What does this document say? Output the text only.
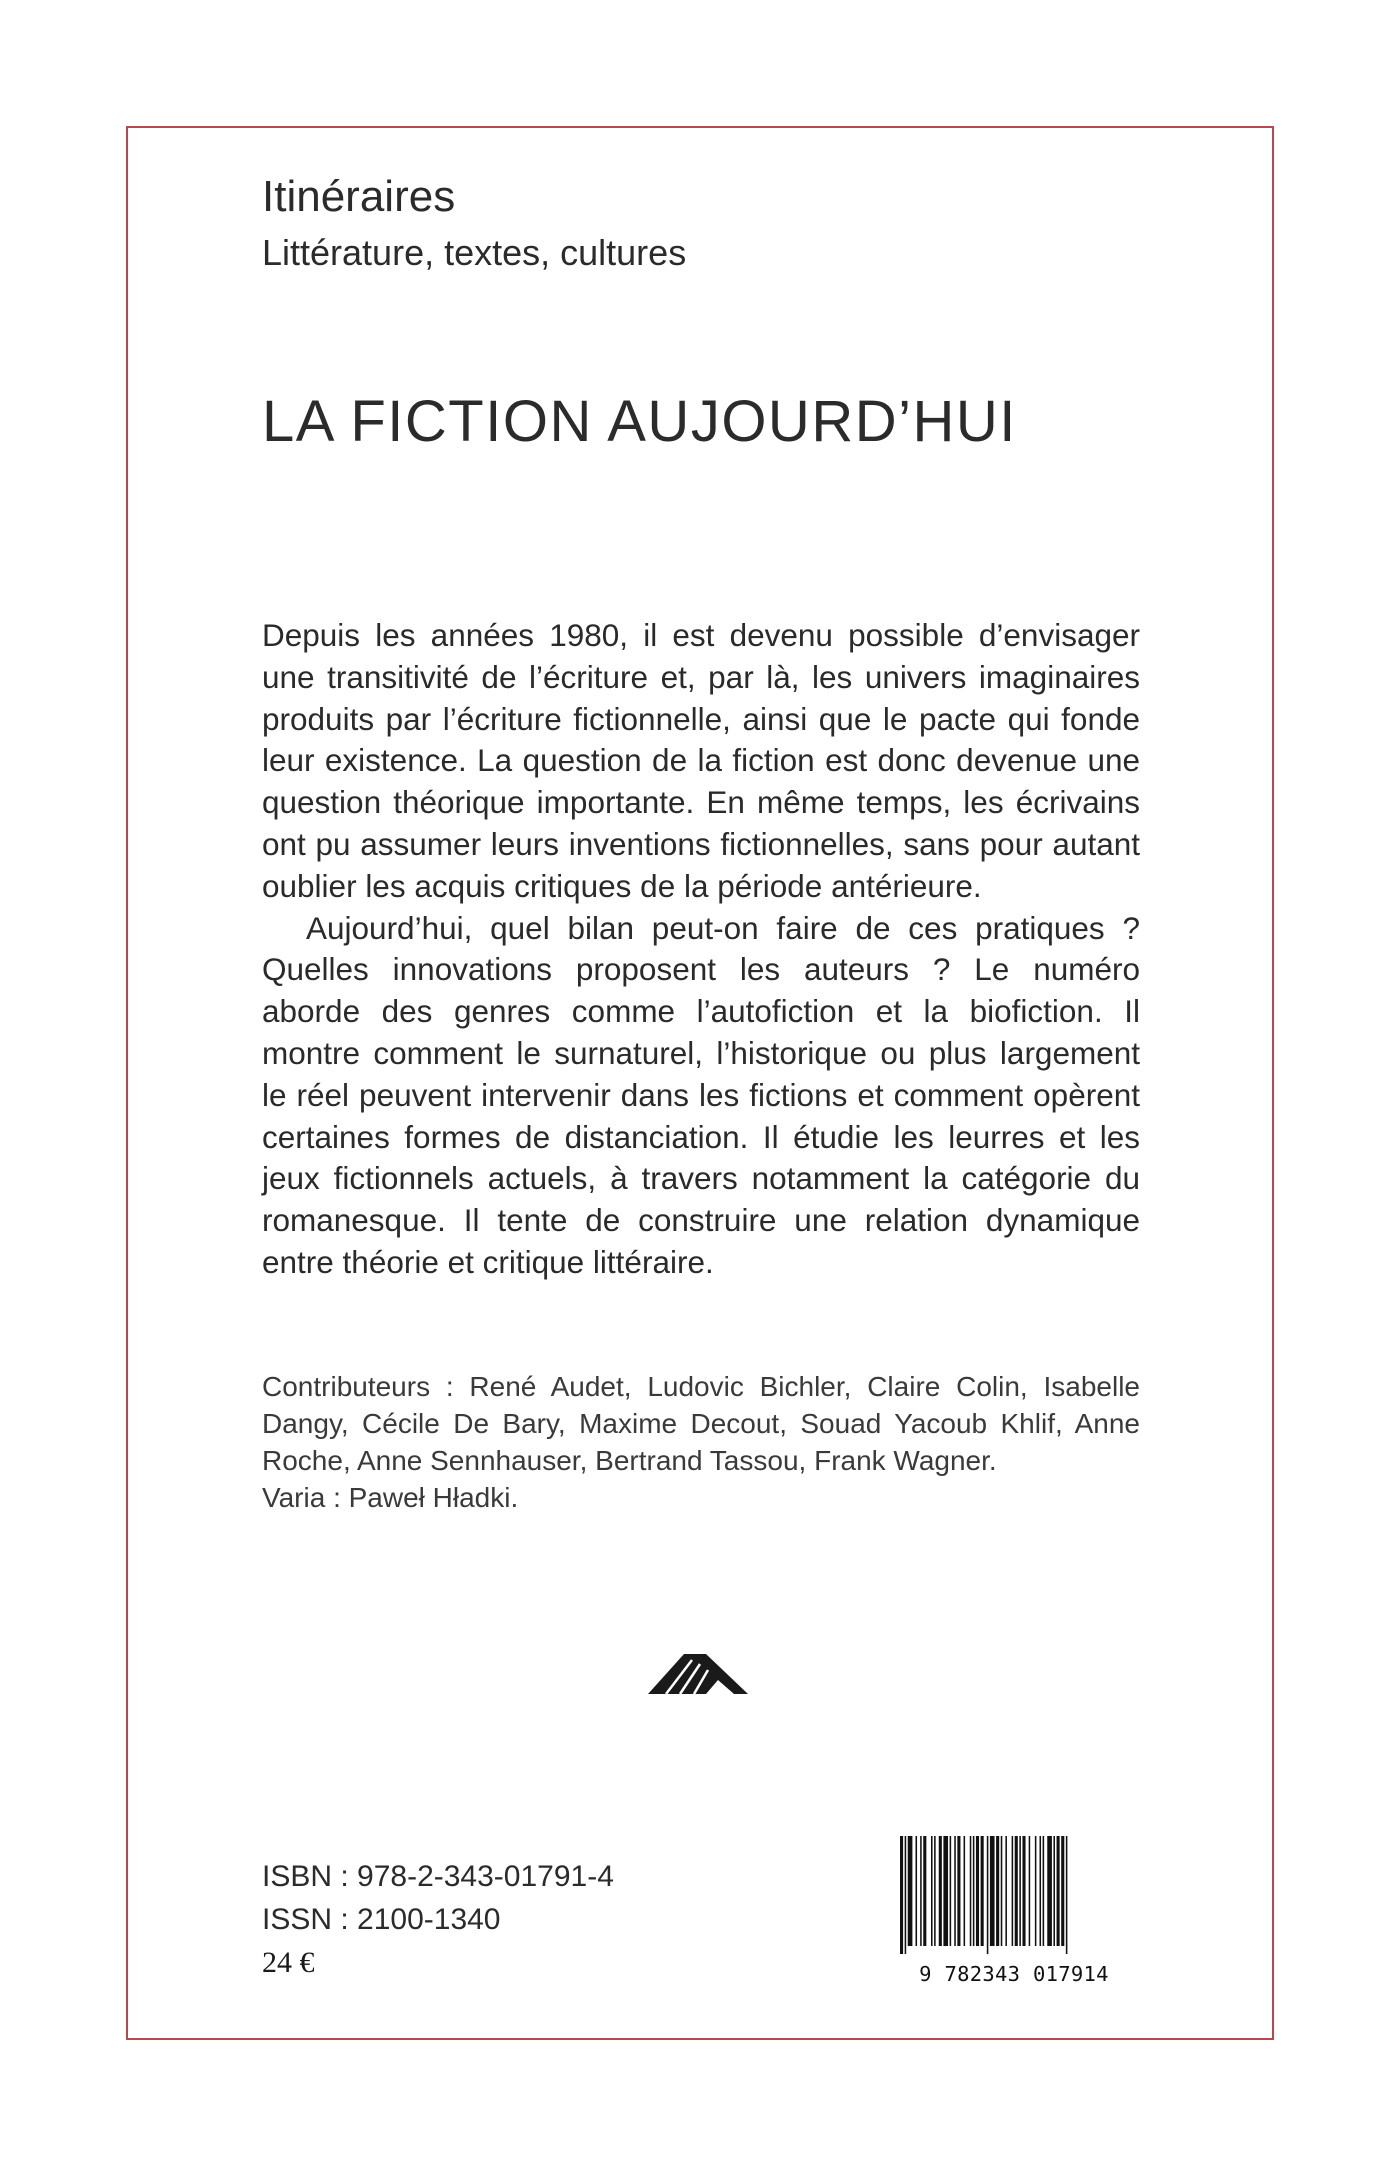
Itinéraires
Littérature, textes, cultures
LA FICTION AUJOURD’HUI

Depuis les années 1980, il est devenu possible d’envisager une transitivité de l’écriture et, par là, les univers imaginaires produits par l’écriture fictionnelle, ainsi que le pacte qui fonde leur existence. La question de la fiction est donc devenue une question théorique importante. En même temps, les écrivains ont pu assumer leurs inventions fictionnelles, sans pour autant oublier les acquis critiques de la période antérieure.

Aujourd’hui, quel bilan peut-on faire de ces pratiques ? Quelles innovations proposent les auteurs ? Le numéro aborde des genres comme l’autofiction et la biofiction. Il montre comment le surnaturel, l’historique ou plus largement le réel peuvent intervenir dans les fictions et comment opèrent certaines formes de distanciation. Il étudie les leurres et les jeux fictionnels actuels, à travers notamment la catégorie du romanesque. Il tente de construire une relation dynamique entre théorie et critique littéraire.

Contributeurs : René Audet, Ludovic Bichler, Claire Colin, Isabelle Dangy, Cécile De Bary, Maxime Decout, Souad Yacoub Khlif, Anne Roche, Anne Sennhauser, Bertrand Tassou, Frank Wagner.

Varia : Paweł Hładki.

ISBN : 978-2-343-01791-4
ISSN : 2100-1340
24 €	9 782343 017914
